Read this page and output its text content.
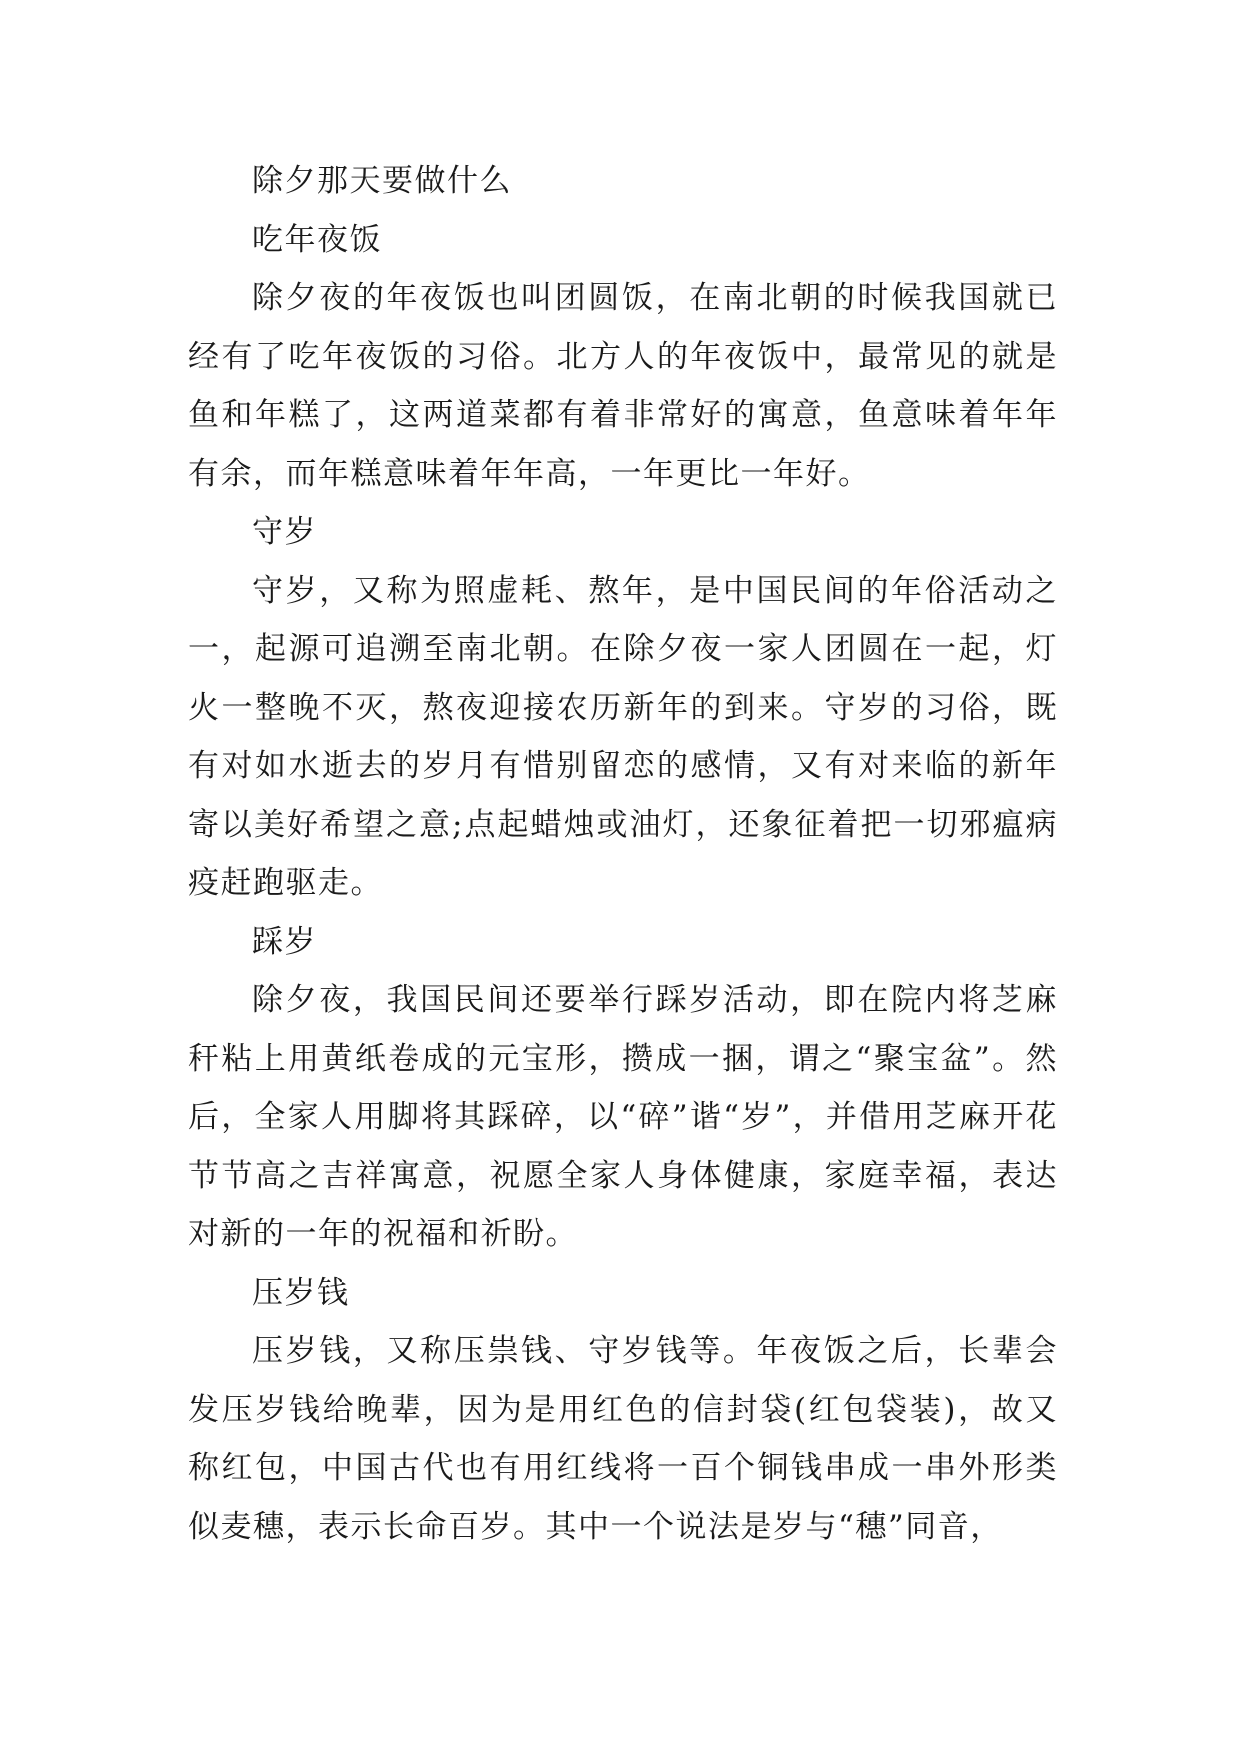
除夕那天要做什么

吃年夜饭

除夕夜的年夜饭也叫团圆饭，在南北朝的时候我国就已经有了吃年夜饭的习俗。北方人的年夜饭中，最常见的就是鱼和年糕了，这两道菜都有着非常好的寓意，鱼意味着年年有余，而年糕意味着年年高，一年更比一年好。

守岁

守岁，又称为照虚耗、熬年，是中国民间的年俗活动之一，起源可追溯至南北朝。在除夕夜一家人团圆在一起，灯火一整晚不灭，熬夜迎接农历新年的到来。守岁的习俗，既有对如水逝去的岁月有惜别留恋的感情，又有对来临的新年寄以美好希望之意;点起蜡烛或油灯，还象征着把一切邪瘟病疫赶跑驱走。

踩岁

除夕夜，我国民间还要举行踩岁活动，即在院内将芝麻秆粘上用黄纸卷成的元宝形，攒成一捆，谓之“聚宝盆”。然后，全家人用脚将其踩碎，以“碎”谐“岁”，并借用芝麻开花节节高之吉祥寓意，祝愿全家人身体健康，家庭幸福，表达对新的一年的祝福和祈盼。

压岁钱

压岁钱，又称压祟钱、守岁钱等。年夜饭之后，长辈会发压岁钱给晚辈，因为是用红色的信封袋(红包袋装)，故又称红包，中国古代也有用红线将一百个铜钱串成一串外形类似麦穗，表示长命百岁。其中一个说法是岁与“穗”同音，
